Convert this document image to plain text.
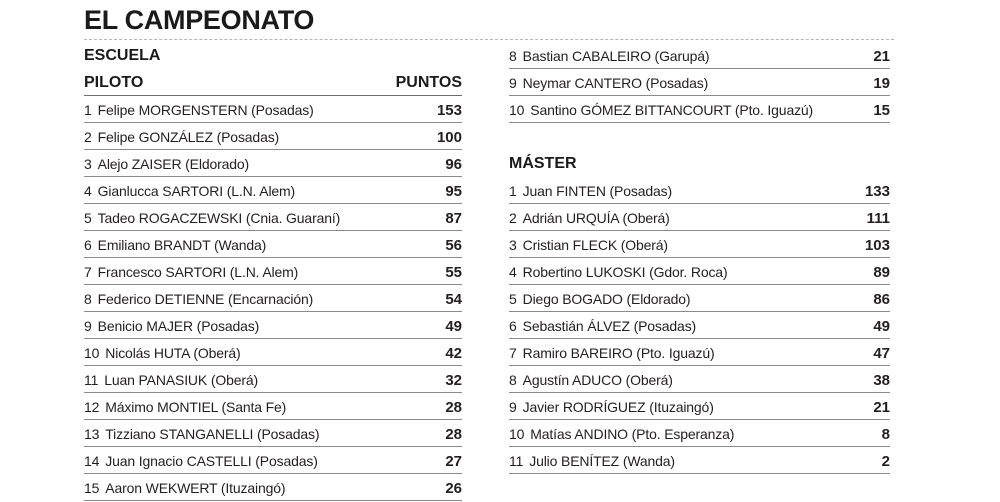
EL CAMPEONATO
ESCUELA
PILOTO	PUNTOS
1 Felipe MORGENSTERN (Posadas)	153
2 Felipe GONZÁLEZ (Posadas)	100
3 Alejo ZAISER (Eldorado)	96
4 Gianlucca SARTORI (L.N. Alem)	95
5 Tadeo ROGACZEWSKI (Cnia. Guaraní)	87
6 Emiliano BRANDT (Wanda)	56
7 Francesco SARTORI (L.N. Alem)	55
8 Federico DETIENNE (Encarnación)	54
9 Benicio MAJER (Posadas)	49
10 Nicolás HUTA (Oberá)	42
11 Luan PANASIUK (Oberá)	32
12 Máximo MONTIEL (Santa Fe)	28
13 Tizziano STANGANELLI (Posadas)	28
14 Juan Ignacio CASTELLI (Posadas)	27
15 Aaron WEKWERT (Ituzaingó)	26
8 Bastian CABALEIRO (Garupá)	21
9 Neymar CANTERO (Posadas)	19
10 Santino GÓMEZ BITTANCOURT (Pto. Iguazú)	15
MÁSTER
1 Juan FINTEN (Posadas)	133
2 Adrián URQUÍA (Oberá)	111
3 Cristian FLECK (Oberá)	103
4 Robertino LUKOSKI (Gdor. Roca)	89
5 Diego BOGADO (Eldorado)	86
6 Sebastián ÁLVEZ (Posadas)	49
7 Ramiro BAREIRO (Pto. Iguazú)	47
8 Agustín ADUCO (Oberá)	38
9 Javier RODRÍGUEZ (Ituzaingó)	21
10 Matías ANDINO (Pto. Esperanza)	8
11 Julio BENÍTEZ (Wanda)	2
